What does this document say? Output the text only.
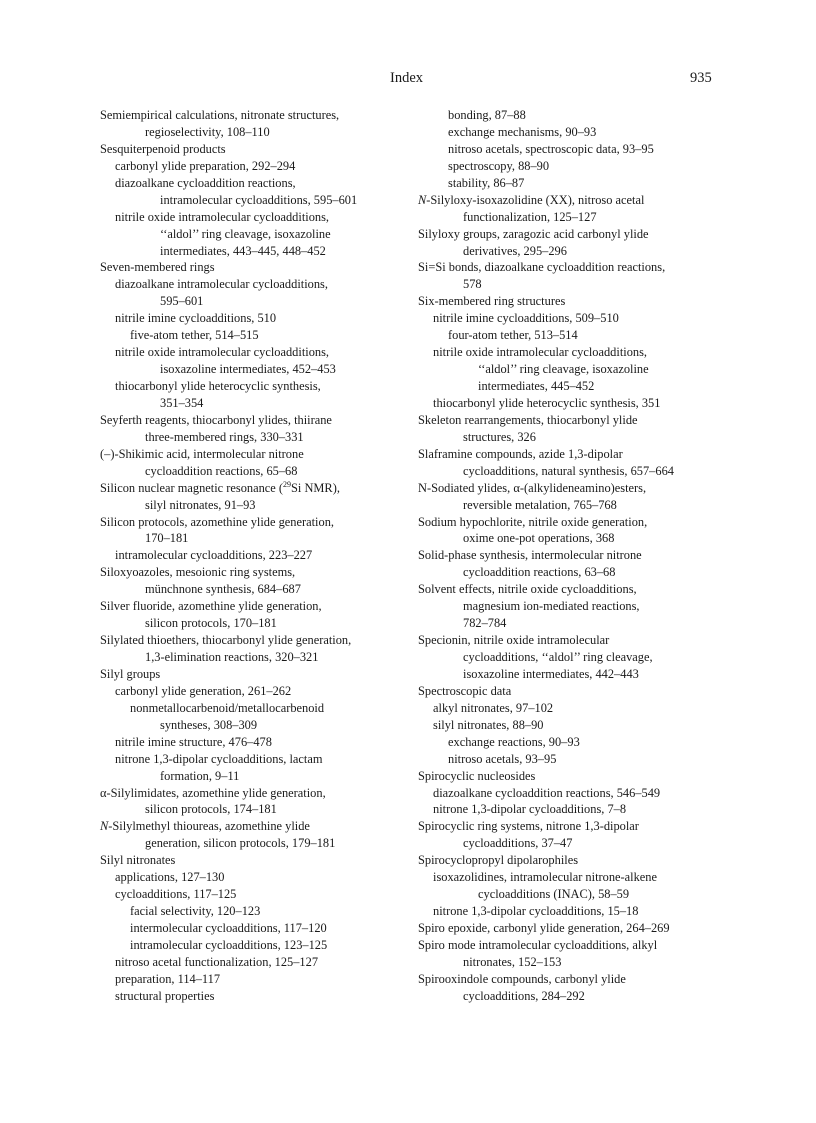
Index	935
Semiempirical calculations, nitronate structures,
regioselectivity, 108–110
Sesquiterpenoid products
carbonyl ylide preparation, 292–294
diazoalkane cycloaddition reactions,
intramolecular cycloadditions, 595–601
nitrile oxide intramolecular cycloadditions,
‘‘aldol’’ ring cleavage, isoxazoline
intermediates, 443–445, 448–452
Seven-membered rings
diazoalkane intramolecular cycloadditions,
595–601
nitrile imine cycloadditions, 510
five-atom tether, 514–515
nitrile oxide intramolecular cycloadditions,
isoxazoline intermediates, 452–453
thiocarbonyl ylide heterocyclic synthesis,
351–354
Seyferth reagents, thiocarbonyl ylides, thiirane
three-membered rings, 330–331
(–)-Shikimic acid, intermolecular nitrone
cycloaddition reactions, 65–68
Silicon nuclear magnetic resonance ($^{29}$Si NMR),
silyl nitronates, 91–93
Silicon protocols, azomethine ylide generation,
170–181
intramolecular cycloadditions, 223–227
Siloxyoazoles, mesoionic ring systems,
münchnone synthesis, 684–687
Silver fluoride, azomethine ylide generation,
silicon protocols, 170–181
Silylated thioethers, thiocarbonyl ylide generation,
1,3-elimination reactions, 320–321
Silyl groups
carbonyl ylide generation, 261–262
nonmetallocarbenoid/metallocarbenoid
syntheses, 308–309
nitrile imine structure, 476–478
nitrone 1,3-dipolar cycloadditions, lactam
formation, 9–11
α-Silylimidates, azomethine ylide generation,
silicon protocols, 174–181
N-Silylmethyl thioureas, azomethine ylide
generation, silicon protocols, 179–181
Silyl nitronates
applications, 127–130
cycloadditions, 117–125
facial selectivity, 120–123
intermolecular cycloadditions, 117–120
intramolecular cycloadditions, 123–125
nitroso acetal functionalization, 125–127
preparation, 114–117
structural properties
bonding, 87–88
exchange mechanisms, 90–93
nitroso acetals, spectroscopic data, 93–95
spectroscopy, 88–90
stability, 86–87
N-Silyloxy-isoxazolidine (XX), nitroso acetal
functionalization, 125–127
Silyloxy groups, zaragozic acid carbonyl ylide
derivatives, 295–296
Si=Si bonds, diazoalkane cycloaddition reactions,
578
Six-membered ring structures
nitrile imine cycloadditions, 509–510
four-atom tether, 513–514
nitrile oxide intramolecular cycloadditions,
‘‘aldol’’ ring cleavage, isoxazoline
intermediates, 445–452
thiocarbonyl ylide heterocyclic synthesis, 351
Skeleton rearrangements, thiocarbonyl ylide
structures, 326
Slaframine compounds, azide 1,3-dipolar
cycloadditions, natural synthesis, 657–664
N-Sodiated ylides, α-(alkylideneamino)esters,
reversible metalation, 765–768
Sodium hypochlorite, nitrile oxide generation,
oxime one-pot operations, 368
Solid-phase synthesis, intermolecular nitrone
cycloaddition reactions, 63–68
Solvent effects, nitrile oxide cycloadditions,
magnesium ion-mediated reactions,
782–784
Specionin, nitrile oxide intramolecular
cycloadditions, ‘‘aldol’’ ring cleavage,
isoxazoline intermediates, 442–443
Spectroscopic data
alkyl nitronates, 97–102
silyl nitronates, 88–90
exchange reactions, 90–93
nitroso acetals, 93–95
Spirocyclic nucleosides
diazoalkane cycloaddition reactions, 546–549
nitrone 1,3-dipolar cycloadditions, 7–8
Spirocyclic ring systems, nitrone 1,3-dipolar
cycloadditions, 37–47
Spirocyclopropyl dipolarophiles
isoxazolidines, intramolecular nitrone-alkene
cycloadditions (INAC), 58–59
nitrone 1,3-dipolar cycloadditions, 15–18
Spiro epoxide, carbonyl ylide generation, 264–269
Spiro mode intramolecular cycloadditions, alkyl
nitronates, 152–153
Spirooxindole compounds, carbonyl ylide
cycloadditions, 284–292
